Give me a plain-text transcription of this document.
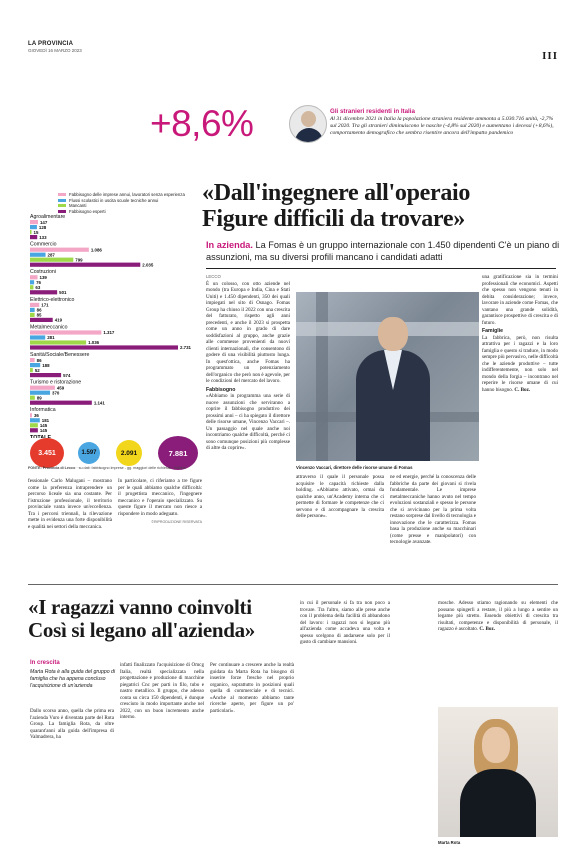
LA PROVINCIA
GIOVEDÌ 16 MARZO 2023	III
+8,6%	Gli stranieri residenti in Italia
Al 31 dicembre 2021 in Italia la popolazione straniera residente ammonta a 5.030.716 unità, -2,7% sul 2020. Tra gli stranieri diminuiscono le nascite (-4,8% sul 2020) e aumentano i decessi (+8,6%), comportamento demografico che sembra risentire ancora dell'impatto pandemico
Fabbisogno delle imprese annui, lavoratori senza esperienza
Flussi scolastici in uscita scuole tecniche annui
Mancanti
Fabbisogno esperti
Agroalimentare
147
128
15
133
Commercio
1.086
287
799
2.035
Costruzioni
139
76
63
501
Elettrico-elettronico
171
86
85
419
Metalmeccanico
1.317
281
1.036
2.731
Sanità/Sociale/Benessere
86
188
52
574
Turismo e ristorazione
459
370
89
1.141
Informatica
36
181
145
145
TOTALE
3.451	1.597	2.091	7.881
FONTE: Provincia di Lecco · su dati: fabbisogno imprese - gg. maggiori delle richieste · Withub
«Dall'ingegnere all'operaio
Figure difficili da trovare»
In azienda. La Fomas è un gruppo internazionale con 1.450 dipendenti C'è un piano di assunzioni, ma su diversi profili mancano i candidati adatti
LECCO
È un colosso, con otto aziende nel mondo (tra Europa e India, Cina e Stati Uniti) e 1.450 dipendenti, 350 dei quali impiegati nel sito di Osnago. Fomas Group ha chiuso il 2022 con una crescita del fatturato, rispetto agli anni precedenti, e anche il 2023 si prospetta come un anno in grado di dare soddisfazioni al gruppo, anche grazie alle commesse provenienti da nuovi clienti internazionali, che consentono di godere di una visibilità piuttosto lunga. In quest'ottica, anche Fomas ha programmato un potenziamento dell'organico che però non è agevole, per le condizioni del mercato del lavoro.
Fabbisogno
«Abbiamo in programma una serie di nuove assunzioni che serviranno a coprire il fabbisogno produttivo dei prossimi anni – ci ha spiegato il direttore delle risorse umane, Vincenzo Vaccari –. Un passaggio nel quale anche noi incontriamo qualche difficoltà, perché ci sono comunque posizioni più complesse di altre da coprire».
Vincenzo Vaccari, direttore delle risorse umane di Fomas
una gratificazione sia in termini professionali che economici. Aspetti che spesso non vengono tenuti in debita considerazione; invece, lavorare in aziende come Fomas, che vantano una grande solidità, garantisce prospettive di crescita e di futuro.
Famiglie
La fabbrica, però, non risulta attrattiva per i ragazzi e la loro famiglia e questo si traduce, in modo sempre più pervasivo, nelle difficoltà che le aziende produttive – tutte indifferentemente, non solo nel mondo della forgia – incontrano nel reperire le risorse umane di cui hanno bisogno. C. Boz.
fessionale Carlo Malugani – mostrano come la preferenza intraprendere un percorso liceale sia una costante. Per l'istruzione professionale, il territorio provinciale vanta invece un'eccellenza. Tra i percorsi triennali, la rilevazione mette in evidenza una forte disponibilità e qualità nei settori della meccanica.
In particolare, ci riferiamo a tre figure per le quali abbiamo qualche difficoltà: il progettista meccanico, l'ingegnere meccanico e l'operaio specializzato. Su queste figure il mercato non riesce a rispondere in modo adeguato.
©RIPRODUZIONE RISERVATA
attraverso il quale il personale possa acquisire le capacità richieste dalla holding. «Abbiamo attivato, ormai da qualche anno, un'Academy interna che ci permette di formare le competenze che ci servono e di accompagnare la crescita delle persone».
ne ed energie, perché la conoscenza delle fabbriche da parte dei giovani si rivela fondamentale. Le imprese metalmeccaniche hanno avuto nel tempo evoluzioni sostanziali e spesso le persone che si avvicinano per la prima volta restano sorprese dal livello di tecnologia e innovazione che le caratterizza. Fomas basa la produzione anche su macchinari (come presse e manipolatori) con tecnologie avanzate.
«I ragazzi vanno coinvolti
Così si legano all'azienda»
In crescita
Marta Rota è alla guida del gruppo di famiglia che ha appena concluso l'acquisizione di un'azienda
Dallo scorso anno, quella che prima era l'azienda Vuro è diventata parte del Rota Group. La famiglia Rota, da oltre quarant'anni alla guida dell'impresa di Valmadrera, ha
infatti finalizzato l'acquisizione di Omcg Italia, realtà specializzata nella progettazione e produzione di macchine piegatrici Cnc per parti in filo, tubo e nastro metallico. Il gruppo, che adesso conta su circa 150 dipendenti, è dunque cresciuto in modo importante anche nel 2022, con un buon incremento anche interno.
Per continuare a crescere anche la realtà guidata da Marta Rota ha bisogno di inserire forze fresche nel proprio organico, soprattutto in posizioni quali quella di commerciale e di tecnici. «Anche al momento abbiamo tante ricerche aperte, per figure un po' particolari».
in cui il personale si fa tra non poco a trovare. Tra l'altro, siamo alle prese anche con il problema della facilità di abbandono del lavoro: i ragazzi non si legano più all'azienda come accadeva una volta e spesso scelgono di andarsene solo per il gusto di cambiare mansioni.
mosche. Adesso stiamo ragionando su elementi che possano spingerli a restare, il più a lungo a sentire un legame più stretto. Essendo obiettivi di crescita tra risultati, competenze e disponibilità di personale, il ragazzo è ascoltato. C. Boz.
Marta Rota
